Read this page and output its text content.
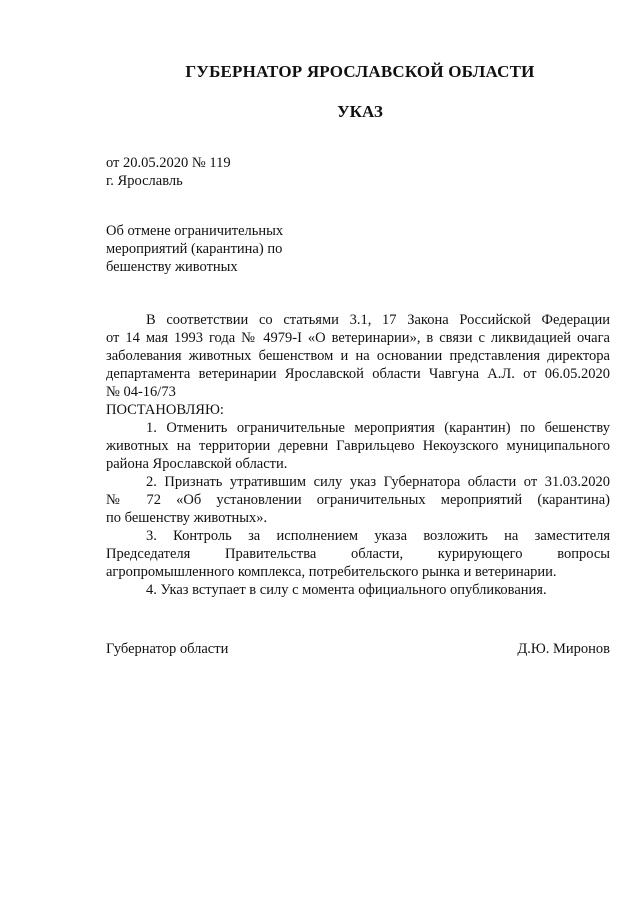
ГУБЕРНАТОР ЯРОСЛАВСКОЙ ОБЛАСТИ
УКАЗ
от 20.05.2020 № 119
г. Ярославль
Об отмене ограничительных
мероприятий (карантина) по
бешенству животных
В соответствии со статьями 3.1, 17 Закона Российской Федерации
от 14 мая 1993 года № 4979-I «О ветеринарии», в связи с ликвидацией очага
заболевания животных бешенством и на основании представления директора
департамента ветеринарии Ярославской области Чавгуна А.Л. от 06.05.2020
№ 04-16/73
ПОСТАНОВЛЯЮ:
1. Отменить ограничительные мероприятия (карантин) по бешенству
животных на территории деревни Гаврильцево Некоузского муниципального
района Ярославской области.
2. Признать утратившим силу указ Губернатора области от 31.03.2020
№ 72 «Об установлении ограничительных мероприятий (карантина)
по бешенству животных».
3. Контроль за исполнением указа возложить на заместителя
Председателя Правительства области, курирующего вопросы
агропромышленного комплекса, потребительского рынка и ветеринарии.
4. Указ вступает в силу с момента официального опубликования.
Губернатор области	Д.Ю. Миронов
